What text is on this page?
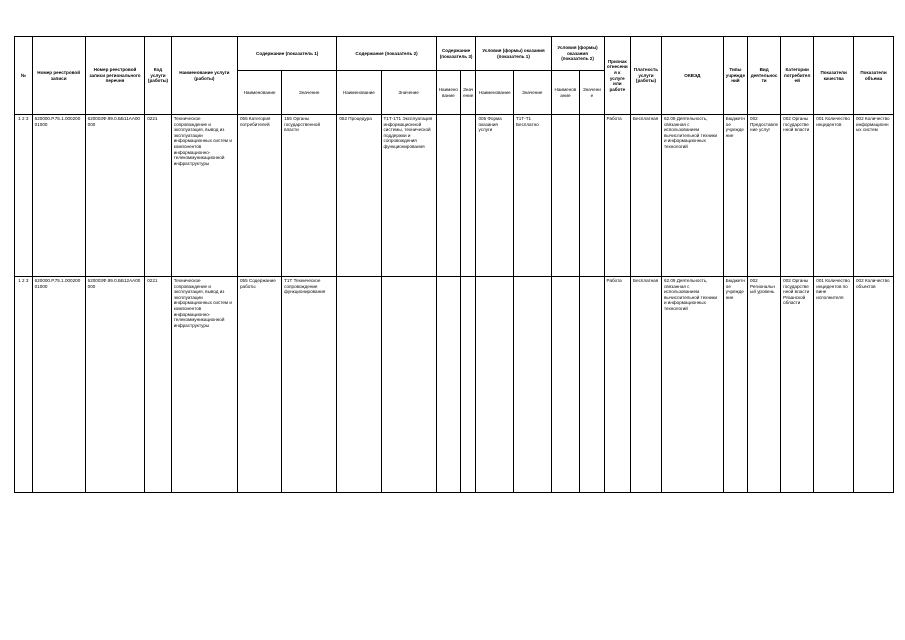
№	Номер реестровой записи	Номер реестровой записи регионального перечня	Код услуги (работы)	Наименование услуги (работы)	Содержание (показатель 1)		Содержание (показатель 2)		Содержание (показатель 3)		Условия (формы) оказания (показатель 1)		Условия (формы) оказания (показатель 2)		Признак отнесения к услуге или работе	Платность услуги (работы)	ОКВЭД	Типы учреждений	Вид деятельности	Категории потребителей	Показатели качества	Показатели объема
					Наименование	Значение	Наименование	Значение	Наименование	Значение	Наименование	Значение	Наименование	Значение								
1 2 3	620000.Р.75.1.00020001000	620003Ф.99.0.ББ11АА00000	0221	Техническое сопровождение и эксплуатация, вывод из эксплуатации информационных систем и компонентов информационно-телекоммуникационной инфраструктуры	055 Категория потребителей	155 Органы государственной власти	052 Процедура	Т1Т-1Т1 Эксплуатация информационной системы, технической поддержки и сопровождения функционирования			005 Форма оказания услуги	Т1Т-Т1 Бесплатно			Работа	Бесплатная	62.09 Деятельность, связанная с использованием вычислительной техники и информационных технологий	Бюджетное учреждение	002 Предоставление услуг	002 Органы государственной власти	001 Количество инцидентов	002 Количество информационных систем
1 2 3	620000.Р.75.1.00020001000	620003Ф.99.0.ББ12АА00000	0221	Техническое сопровождение и эксплуатация, вывод из эксплуатации информационных систем и компонентов информационно-телекоммуникационной инфраструктуры	055 Содержание работы	Т1Т Техническое сопровождение функционирования									Работа	Бесплатная	62.09 Деятельность, связанная с использованием вычислительной техники и информационных технологий	Бюджетное учреждение	002 Региональный уровень	002 Органы государственной власти Рязанской области	001 Количество инцидентов по вине исполнителя	002 Количество объектов
